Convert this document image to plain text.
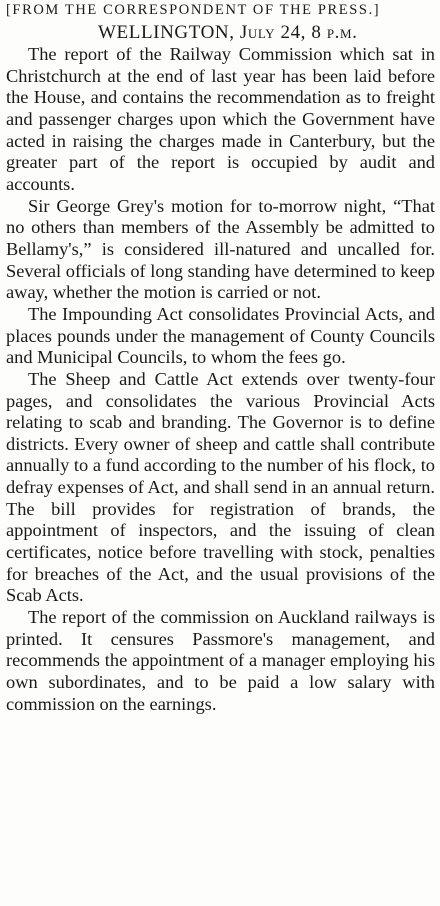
[FROM THE CORRESPONDENT OF THE PRESS.]
WELLINGTON, July 24, 8 p.m.

The report of the Railway Commission which sat in Christchurch at the end of last year has been laid before the House, and contains the recommendation as to freight and passenger charges upon which the Government have acted in raising the charges made in Canterbury, but the greater part of the report is occupied by audit and accounts.

Sir George Grey's motion for to-morrow night, “That no others than members of the Assembly be admitted to Bellamy's,” is considered ill-natured and uncalled for. Several officials of long standing have determined to keep away, whether the motion is carried or not.

The Impounding Act consolidates Provincial Acts, and places pounds under the management of County Councils and Municipal Councils, to whom the fees go.

The Sheep and Cattle Act extends over twenty-four pages, and consolidates the various Provincial Acts relating to scab and branding. The Governor is to define districts. Every owner of sheep and cattle shall contribute annually to a fund according to the number of his flock, to defray expenses of Act, and shall send in an annual return. The bill provides for registration of brands, the appointment of inspectors, and the issuing of clean certificates, notice before travelling with stock, penalties for breaches of the Act, and the usual provisions of the Scab Acts.

The report of the commission on Auckland railways is printed. It censures Passmore's management, and recommends the appointment of a manager employing his own subordinates, and to be paid a low salary with commission on the earnings.
